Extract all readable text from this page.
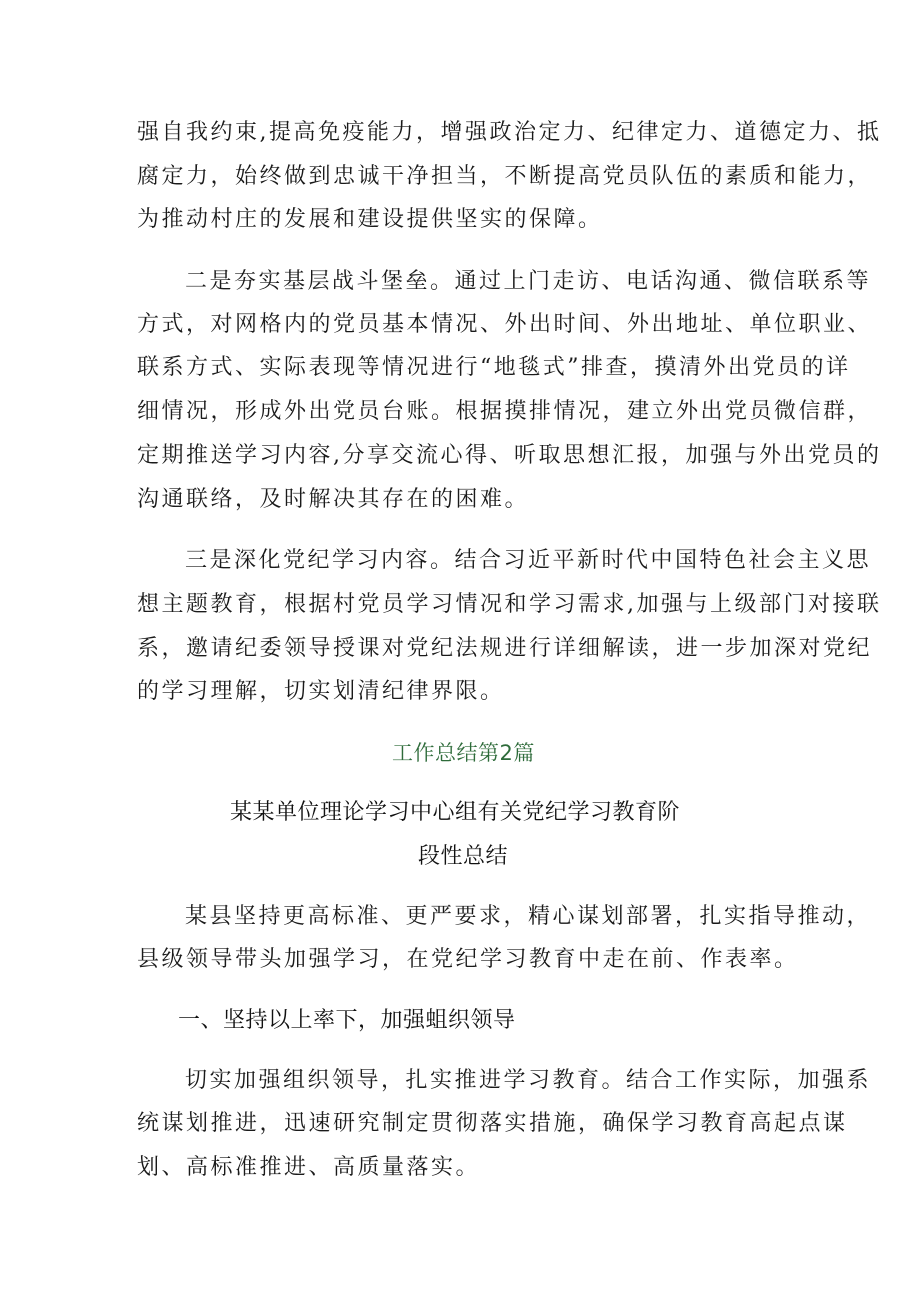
强自我约束,提高免疫能力，增强政治定力、纪律定力、道德定力、抵
腐定力，始终做到忠诚干净担当，不断提高党员队伍的素质和能力，
为推动村庄的发展和建设提供坚实的保障。
二是夯实基层战斗堡垒。通过上门走访、电话沟通、微信联系等
方式，对网格内的党员基本情况、外出时间、外出地址、单位职业、
联系方式、实际表现等情况进行“地毯式”排查，摸清外出党员的详
细情况，形成外出党员台账。根据摸排情况，建立外出党员微信群，
定期推送学习内容,分享交流心得、听取思想汇报，加强与外出党员的
沟通联络，及时解决其存在的困难。
三是深化党纪学习内容。结合习近平新时代中国特色社会主义思
想主题教育，根据村党员学习情况和学习需求,加强与上级部门对接联
系，邀请纪委领导授课对党纪法规进行详细解读，进一步加深对党纪
的学习理解，切实划清纪律界限。
工作总结第2篇
某某单位理论学习中心组有关党纪学习教育阶
段性总结
某县坚持更高标准、更严要求，精心谋划部署，扎实指导推动，
县级领导带头加强学习，在党纪学习教育中走在前、作表率。
一、坚持以上率下，加强蛆织领导
切实加强组织领导，扎实推进学习教育。结合工作实际，加强系
统谋划推进，迅速研究制定贯彻落实措施，确保学习教育高起点谋
划、高标准推进、高质量落实。
